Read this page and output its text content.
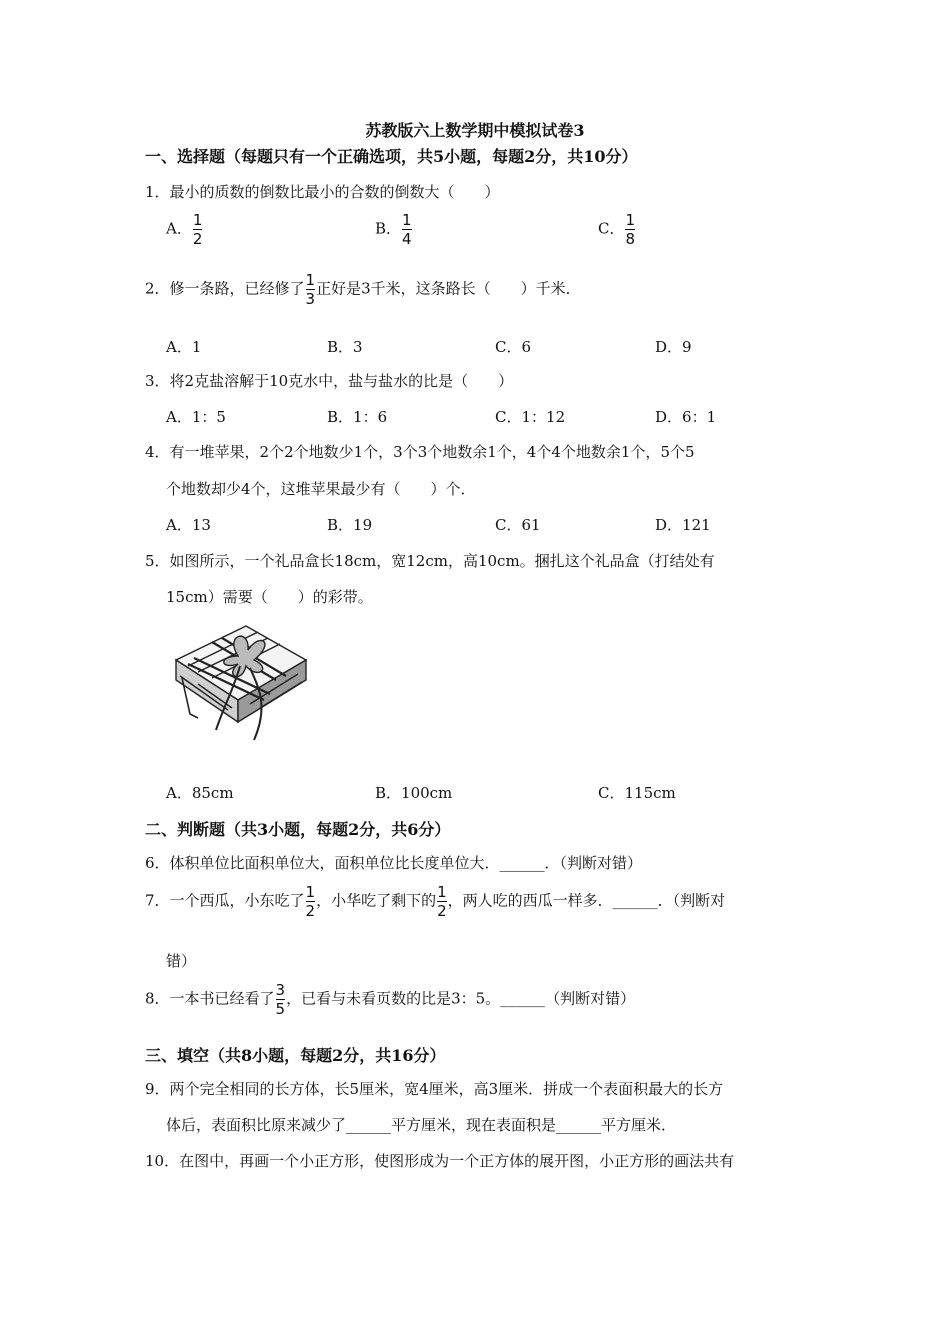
苏教版六上数学期中模拟试卷3
一、选择题（每题只有一个正确选项，共5小题，每题2分，共10分）
1．最小的质数的倒数比最小的合数的倒数大（　　）
A． $\frac{1}{2}$	B． $\frac{1}{4}$	C． $\frac{1}{8}$
2．修一条路，已经修了 $\frac{1}{3}$ 正好是3千米，这条路长（　　）千米．
A．1	B．3	C．6	D．9
3．将2克盐溶解于10克水中，盐与盐水的比是（　　）
A．1：5	B．1：6	C．1：12	D．6：1
4．有一堆苹果，2个2个地数少1个，3个3个地数余1个，4个4个地数余1个，5个5
个地数却少4个，这堆苹果最少有（　　）个．
A．13	B．19	C．61	D．121
5．如图所示，一个礼品盒长18cm，宽12cm，高10cm。捆扎这个礼品盒（打结处有
15cm）需要（　　）的彩带。
A．85cm	B．100cm	C．115cm
二、判断题（共3小题，每题2分，共6分）
6．体积单位比面积单位大，面积单位比长度单位大．______．（判断对错）
7．一个西瓜，小东吃了 $\frac{1}{2}$ ，小华吃了剩下的 $\frac{1}{2}$ ，两人吃的西瓜一样多．______．（判断对
错）
8．一本书已经看了 $\frac{3}{5}$ ，已看与未看页数的比是3：5。______（判断对错）
三、填空（共8小题，每题2分，共16分）
9．两个完全相同的长方体，长5厘米，宽4厘米，高3厘米．拼成一个表面积最大的长方
体后，表面积比原来减少了______平方厘米，现在表面积是______平方厘米．
10．在图中，再画一个小正方形，使图形成为一个正方体的展开图，小正方形的画法共有
